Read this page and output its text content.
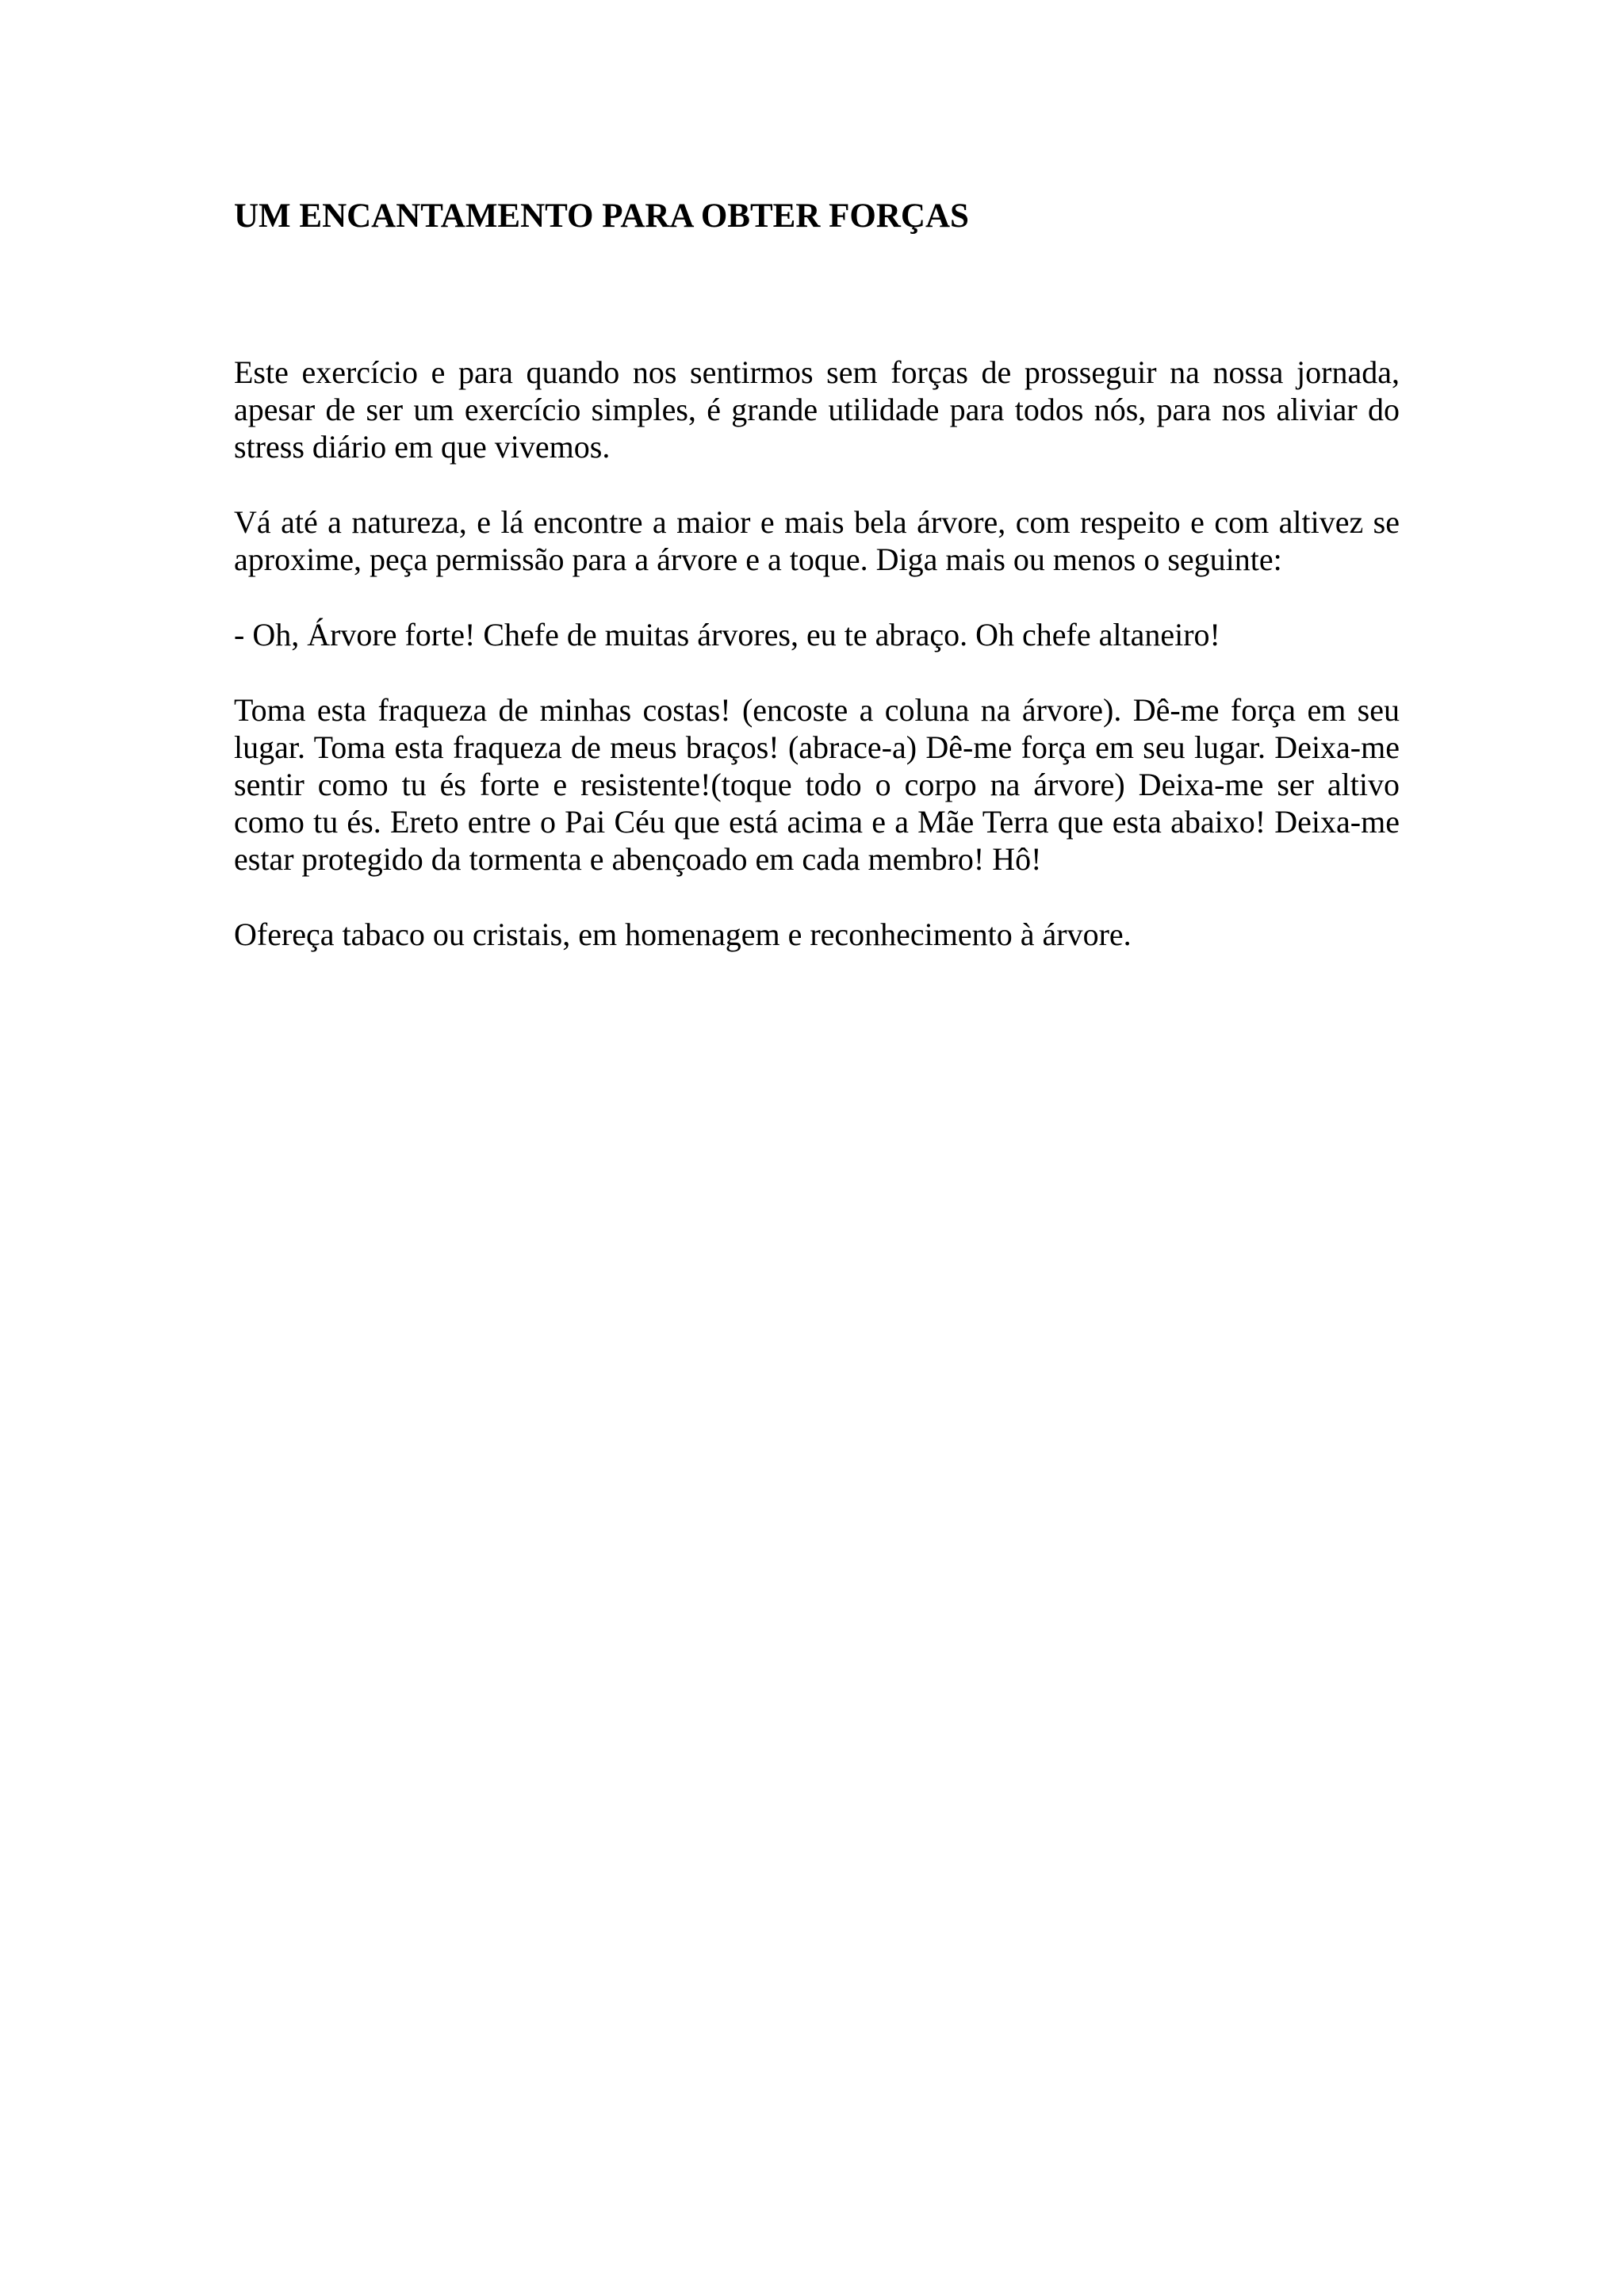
UM ENCANTAMENTO PARA OBTER FORÇAS

Este exercício e para quando nos sentirmos sem forças de prosseguir na nossa jornada, apesar de ser um exercício simples, é grande utilidade para todos nós, para nos aliviar do stress diário em que vivemos.

Vá até a natureza, e lá encontre a maior e mais bela árvore, com respeito e com altivez se aproxime, peça permissão para a árvore e a toque. Diga mais ou menos o seguinte:

- Oh, Árvore forte! Chefe de muitas árvores, eu te abraço. Oh chefe altaneiro!

Toma esta fraqueza de minhas costas! (encoste a coluna na árvore). Dê-me força em seu lugar. Toma esta fraqueza de meus braços! (abrace-a) Dê-me força em seu lugar. Deixa-me sentir como tu és forte e resistente!(toque todo o corpo na árvore) Deixa-me ser altivo como tu és. Ereto entre o Pai Céu que está acima e a Mãe Terra que esta abaixo! Deixa-me estar protegido da tormenta e abençoado em cada membro! Hô!

Ofereça tabaco ou cristais, em homenagem e reconhecimento à árvore.
